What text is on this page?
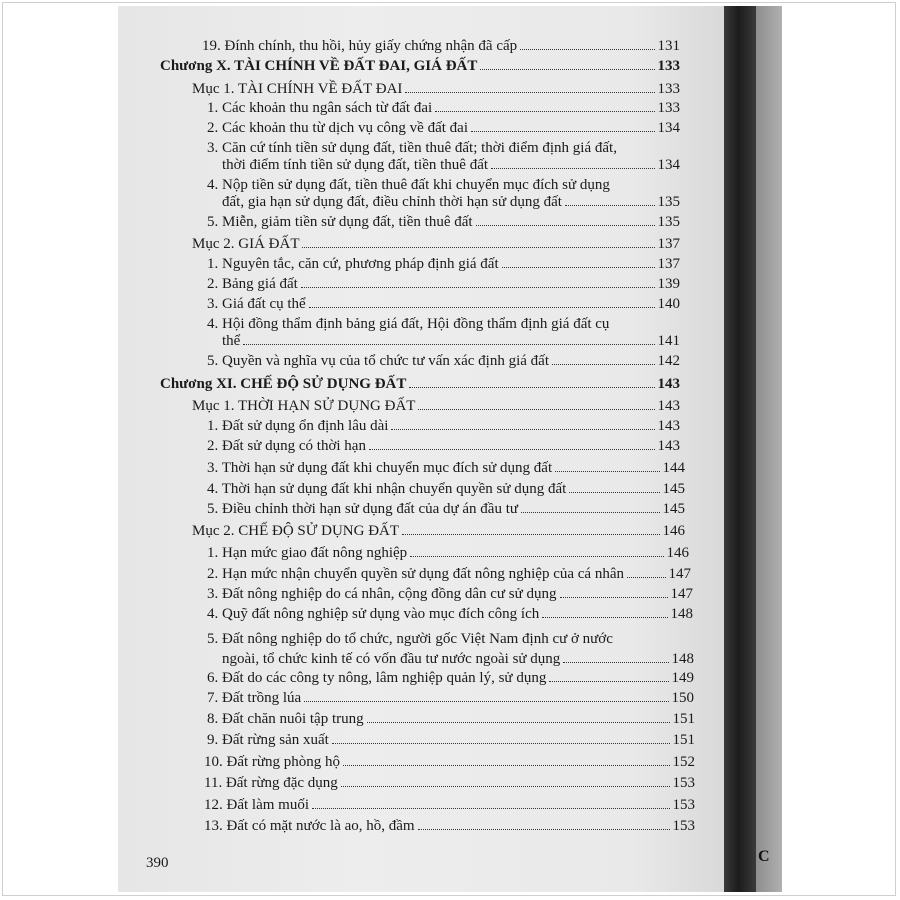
C
19. Đính chính, thu hồi, hủy giấy chứng nhận đã cấp	131
Chương X. TÀI CHÍNH VỀ ĐẤT ĐAI, GIÁ ĐẤT	133
Mục 1. TÀI CHÍNH VỀ ĐẤT ĐAI	133
1. Các khoản thu ngân sách từ đất đai	133
2. Các khoản thu từ dịch vụ công về đất đai	134
3. Căn cứ tính tiền sử dụng đất, tiền thuê đất; thời điểm định giá đất,
thời điểm tính tiền sử dụng đất, tiền thuê đất	134
4. Nộp tiền sử dụng đất, tiền thuê đất khi chuyển mục đích sử dụng
đất, gia hạn sử dụng đất, điều chỉnh thời hạn sử dụng đất	135
5. Miễn, giảm tiền sử dụng đất, tiền thuê đất	135
Mục 2. GIÁ ĐẤT	137
1. Nguyên tắc, căn cứ, phương pháp định giá đất	137
2. Bảng giá đất	139
3. Giá đất cụ thể	140
4. Hội đồng thẩm định bảng giá đất, Hội đồng thẩm định giá đất cụ
thể	141
5. Quyền và nghĩa vụ của tổ chức tư vấn xác định giá đất	142
Chương XI. CHẾ ĐỘ SỬ DỤNG ĐẤT	143
Mục 1. THỜI HẠN SỬ DỤNG ĐẤT	143
1. Đất sử dụng ổn định lâu dài	143
2. Đất sử dụng có thời hạn	143
3. Thời hạn sử dụng đất khi chuyển mục đích sử dụng đất	144
4. Thời hạn sử dụng đất khi nhận chuyển quyền sử dụng đất	145
5. Điều chỉnh thời hạn sử dụng đất của dự án đầu tư	145
Mục 2. CHẾ ĐỘ SỬ DỤNG ĐẤT	146
1. Hạn mức giao đất nông nghiệp	146
2. Hạn mức nhận chuyển quyền sử dụng đất nông nghiệp của cá nhân	147
3. Đất nông nghiệp do cá nhân, cộng đồng dân cư sử dụng	147
4. Quỹ đất nông nghiệp sử dụng vào mục đích công ích	148
5. Đất nông nghiệp do tổ chức, người gốc Việt Nam định cư ở nước
ngoài, tổ chức kinh tế có vốn đầu tư nước ngoài sử dụng	148
6. Đất do các công ty nông, lâm nghiệp quản lý, sử dụng	149
7. Đất trồng lúa	150
8. Đất chăn nuôi tập trung	151
9. Đất rừng sản xuất	151
10. Đất rừng phòng hộ	152
11. Đất rừng đặc dụng	153
12. Đất làm muối	153
13. Đất có mặt nước là ao, hồ, đầm	153
390
